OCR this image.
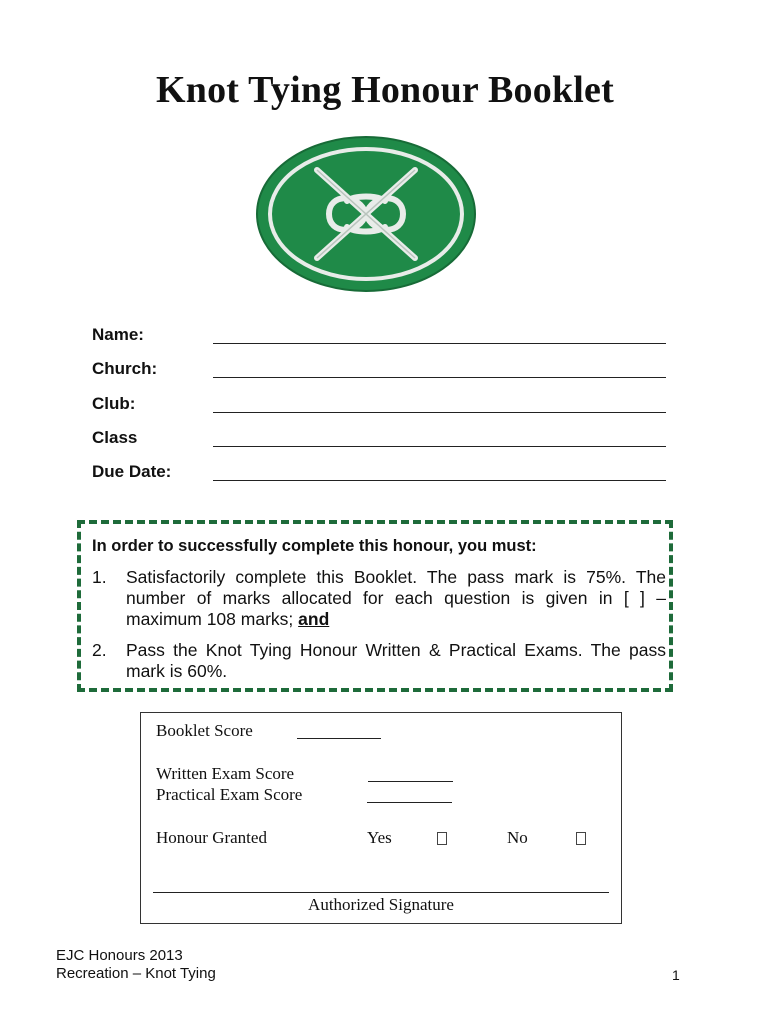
Knot Tying Honour Booklet
Name:
Church:
Club:
Class
Due Date:
In order to successfully complete this honour, you must:
1. Satisfactorily complete this Booklet. The pass mark is 75%. The number of marks allocated for each question is given in [ ] – maximum 108 marks; and
2. Pass the Knot Tying Honour Written & Practical Exams. The pass mark is 60%.
Booklet Score
Written Exam Score
Practical Exam Score
Honour Granted	Yes	No
Authorized Signature
EJC Honours 2013
Recreation – Knot Tying	1
